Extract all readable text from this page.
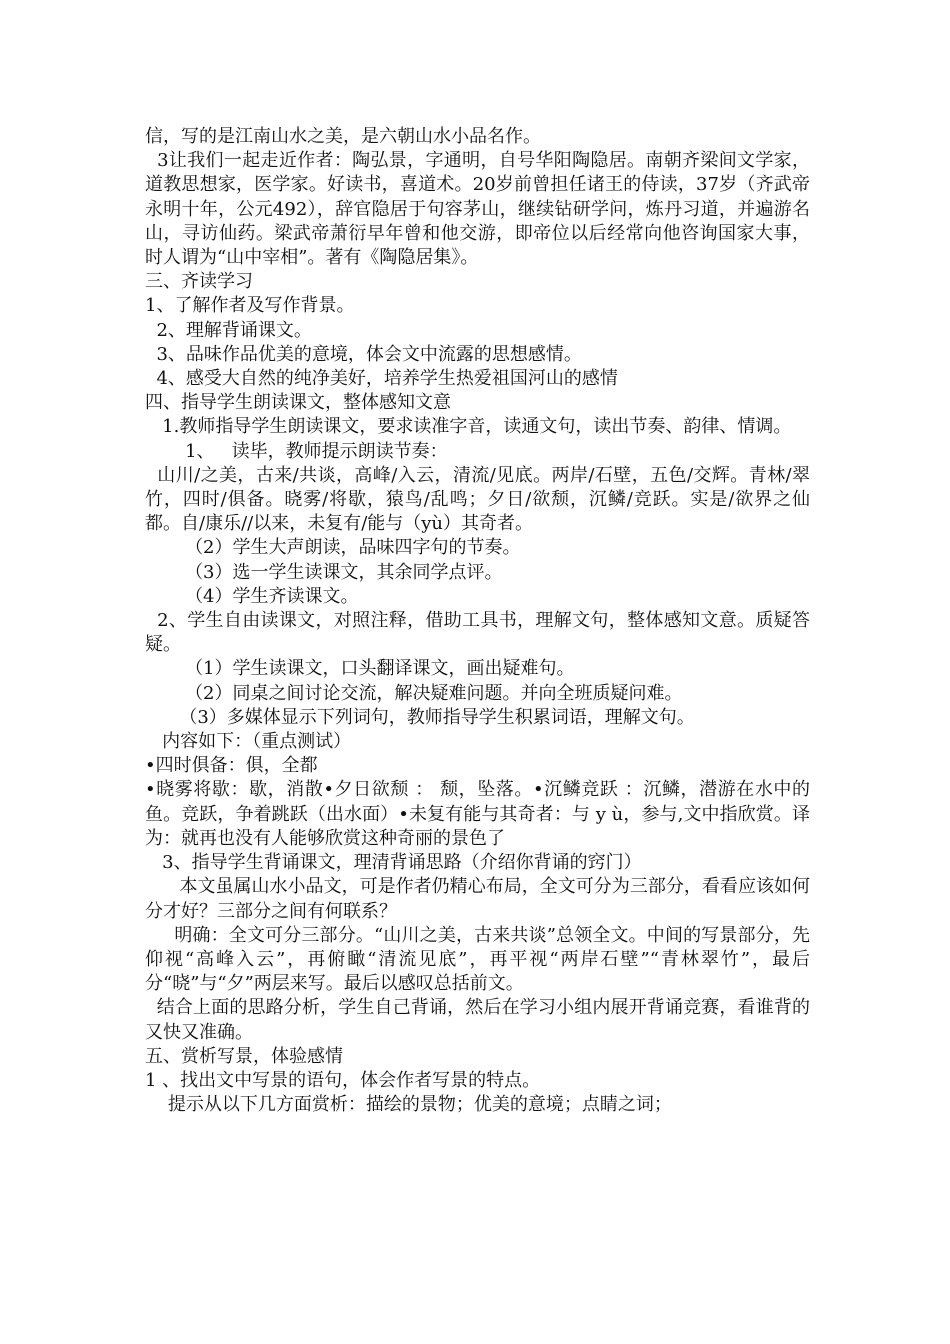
信，写的是江南山水之美，是六朝山水小品名作。

3让我们一起走近作者：陶弘景，字通明，自号华阳陶隐居。南朝齐梁间文学家，道教思想家，医学家。好读书，喜道术。20岁前曾担任诸王的侍读，37岁（齐武帝永明十年，公元492），辞官隐居于句容茅山，继续钻研学问，炼丹习道，并遍游名山，寻访仙药。梁武帝萧衍早年曾和他交游，即帝位以后经常向他咨询国家大事，时人谓为“山中宰相”。著有《陶隐居集》。

三、齐读学习

1、了解作者及写作背景。

2、理解背诵课文。

3、品味作品优美的意境，体会文中流露的思想感情。

4、感受大自然的纯净美好，培养学生热爱祖国河山的感情

四、指导学生朗读课文，整体感知文意

1.教师指导学生朗读课文，要求读准字音，读通文句，读出节奏、韵律、情调。

1、   读毕，教师提示朗读节奏：

山川/之美，古来/共谈，高峰/入云，清流/见底。两岸/石壁，五色/交辉。青林/翠竹，四时/俱备。晓雾/将歇，猿鸟/乱鸣；夕日/欲颓，沉鳞/竞跃。实是/欲界之仙都。自/康乐//以来，未复有/能与（yù）其奇者。

（2）学生大声朗读，品味四字句的节奏。

（3）选一学生读课文，其余同学点评。

（4）学生齐读课文。

2、学生自由读课文，对照注释，借助工具书，理解文句，整体感知文意。质疑答疑。

（1）学生读课文，口头翻译课文，画出疑难句。

（2）同桌之间讨论交流，解决疑难问题。并向全班质疑问难。

（3）多媒体显示下列词句，教师指导学生积累词语，理解文句。

内容如下：（重点测试）

•四时俱备：俱，全都

•晓雾将歇：歇，消散•夕日欲颓 ： 颓，坠落。•沉鳞竞跃 ：沉鳞，潜游在水中的鱼。竞跃，争着跳跃（出水面）•未复有能与其奇者：与 y ù，参与,文中指欣赏。译为：就再也没有人能够欣赏这种奇丽的景色了

3、指导学生背诵课文，理清背诵思路（介绍你背诵的窍门）

本文虽属山水小品文，可是作者仍精心布局，全文可分为三部分，看看应该如何分才好？三部分之间有何联系？

明确：全文可分三部分。“山川之美，古来共谈”总领全文。中间的写景部分，先仰视“高峰入云”，再俯瞰“清流见底”，再平视“两岸石壁”“青林翠竹”，最后分“晓”与“夕”两层来写。最后以感叹总括前文。

结合上面的思路分析，学生自己背诵，然后在学习小组内展开背诵竞赛，看谁背的又快又准确。

五、赏析写景，体验感情

1 、找出文中写景的语句，体会作者写景的特点。

提示从以下几方面赏析：描绘的景物；优美的意境；点睛之词；
